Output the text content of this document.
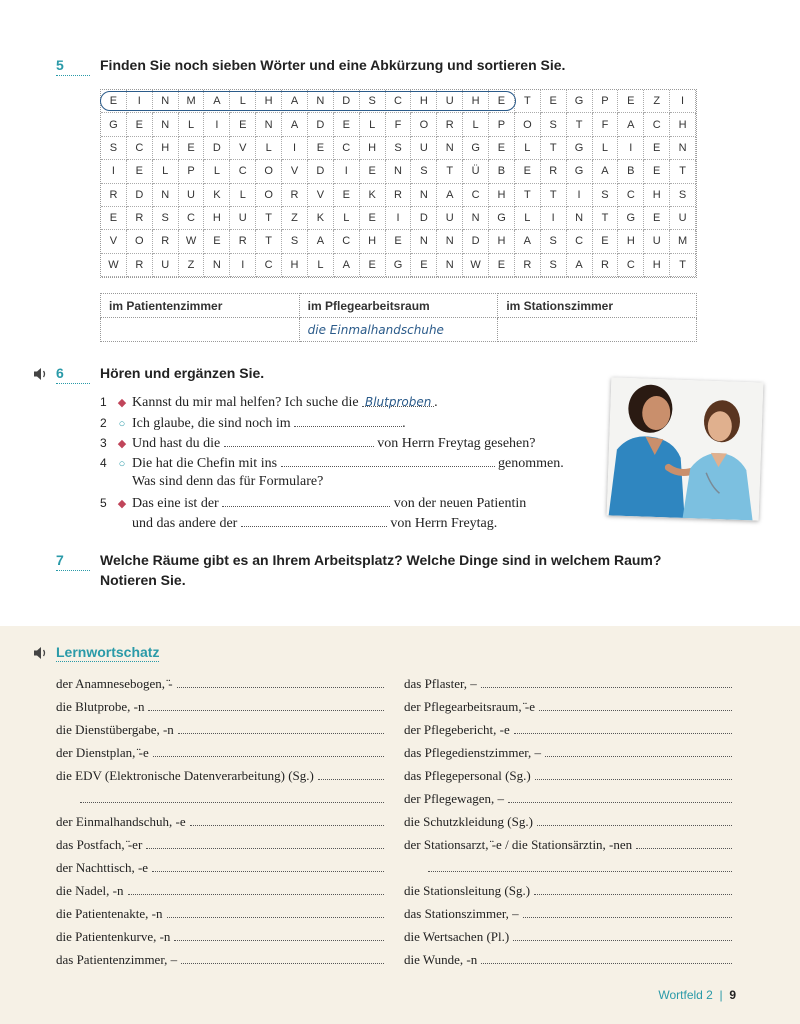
5	Finden Sie noch sieben Wörter und eine Abkürzung und sortieren Sie.
E	I	N	M	A	L	H	A	N	D	S	C	H	U	H	E	T	E	G	P	E	Z	I
G	E	N	L	I	E	N	A	D	E	L	F	O	R	L	P	O	S	T	F	A	C	H
S	C	H	E	D	V	L	I	E	C	H	S	U	N	G	E	L	T	G	L	I	E	N
I	E	L	P	L	C	O	V	D	I	E	N	S	T	Ü	B	E	R	G	A	B	E	T
R	D	N	U	K	L	O	R	V	E	K	R	N	A	C	H	T	T	I	S	C	H	S
E	R	S	C	H	U	T	Z	K	L	E	I	D	U	N	G	L	I	N	T	G	E	U
V	O	R	W	E	R	T	S	A	C	H	E	N	N	D	H	A	S	C	E	H	U	M
W	R	U	Z	N	I	C	H	L	A	E	G	E	N	W	E	R	S	A	R	C	H	T
im Patientenzimmer	im Pflegearbeitsraum	im Stationszimmer
	die Einmalhandschuhe	
6	Hören und ergänzen Sie.
1 ◆ Kannst du mir mal helfen? Ich suche die Blutproben .
2 ○ Ich glaube, die sind noch im	.
3 ◆ Und hast du die	von Herrn Freytag gesehen?
4 ○ Die hat die Chefin mit ins	genommen.
Was sind denn das für Formulare?
5 ◆ Das eine ist der	von der neuen Patientin
und das andere der	von Herrn Freytag.
7	Welche Räume gibt es an Ihrem Arbeitsplatz? Welche Dinge sind in welchem Raum?
Notieren Sie.
Lernwortschatz
der Anamnesebogen, ̈-
die Blutprobe, -n
die Dienstübergabe, -n
der Dienstplan, ̈-e
die EDV (Elektronische Datenverarbeitung) (Sg.)
der Einmalhandschuh, -e
das Postfach, ̈-er
der Nachttisch, -e
die Nadel, -n
die Patientenakte, -n
die Patientenkurve, -n
das Patientenzimmer, –
das Pflaster, –
der Pflegearbeitsraum, ̈-e
der Pflegebericht, -e
das Pflegedienstzimmer, –
das Pflegepersonal (Sg.)
der Pflegewagen, –
die Schutzkleidung (Sg.)
der Stationsarzt, ̈-e / die Stationsärztin, -nen
die Stationsleitung (Sg.)
das Stationszimmer, –
die Wertsachen (Pl.)
die Wunde, -n
Wortfeld 2 | 9
